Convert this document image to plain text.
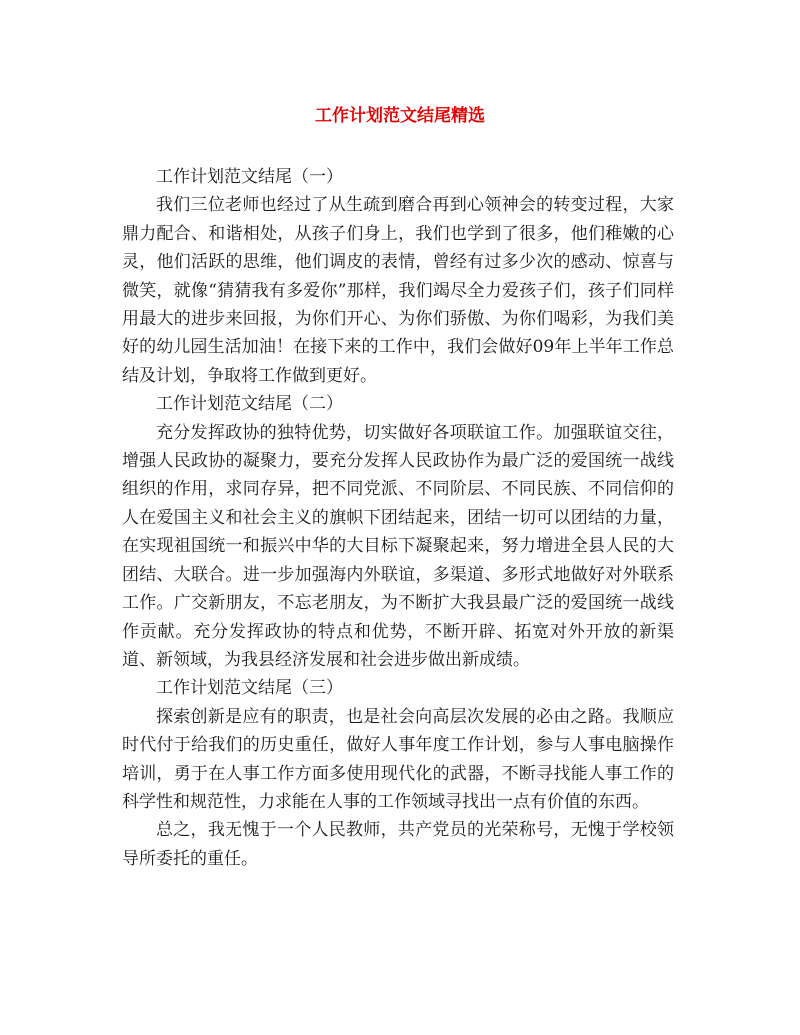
工作计划范文结尾精选

工作计划范文结尾（一）

我们三位老师也经过了从生疏到磨合再到心领神会的转变过程，大家鼎力配合、和谐相处，从孩子们身上，我们也学到了很多，他们稚嫩的心灵，他们活跃的思维，他们调皮的表情，曾经有过多少次的感动、惊喜与微笑，就像“猜猜我有多爱你”那样，我们竭尽全力爱孩子们，孩子们同样用最大的进步来回报，为你们开心、为你们骄傲、为你们喝彩，为我们美好的幼儿园生活加油！在接下来的工作中，我们会做好09年上半年工作总结及计划，争取将工作做到更好。

工作计划范文结尾（二）

充分发挥政协的独特优势，切实做好各项联谊工作。加强联谊交往，增强人民政协的凝聚力，要充分发挥人民政协作为最广泛的爱国统一战线组织的作用，求同存异，把不同党派、不同阶层、不同民族、不同信仰的人在爱国主义和社会主义的旗帜下团结起来，团结一切可以团结的力量，在实现祖国统一和振兴中华的大目标下凝聚起来，努力增进全县人民的大团结、大联合。进一步加强海内外联谊，多渠道、多形式地做好对外联系工作。广交新朋友，不忘老朋友，为不断扩大我县最广泛的爱国统一战线作贡献。充分发挥政协的特点和优势，不断开辟、拓宽对外开放的新渠道、新领域，为我县经济发展和社会进步做出新成绩。

工作计划范文结尾（三）

探索创新是应有的职责，也是社会向高层次发展的必由之路。我顺应时代付于给我们的历史重任，做好人事年度工作计划，参与人事电脑操作培训，勇于在人事工作方面多使用现代化的武器，不断寻找能人事工作的科学性和规范性，力求能在人事的工作领域寻找出一点有价值的东西。

总之，我无愧于一个人民教师，共产党员的光荣称号，无愧于学校领导所委托的重任。
